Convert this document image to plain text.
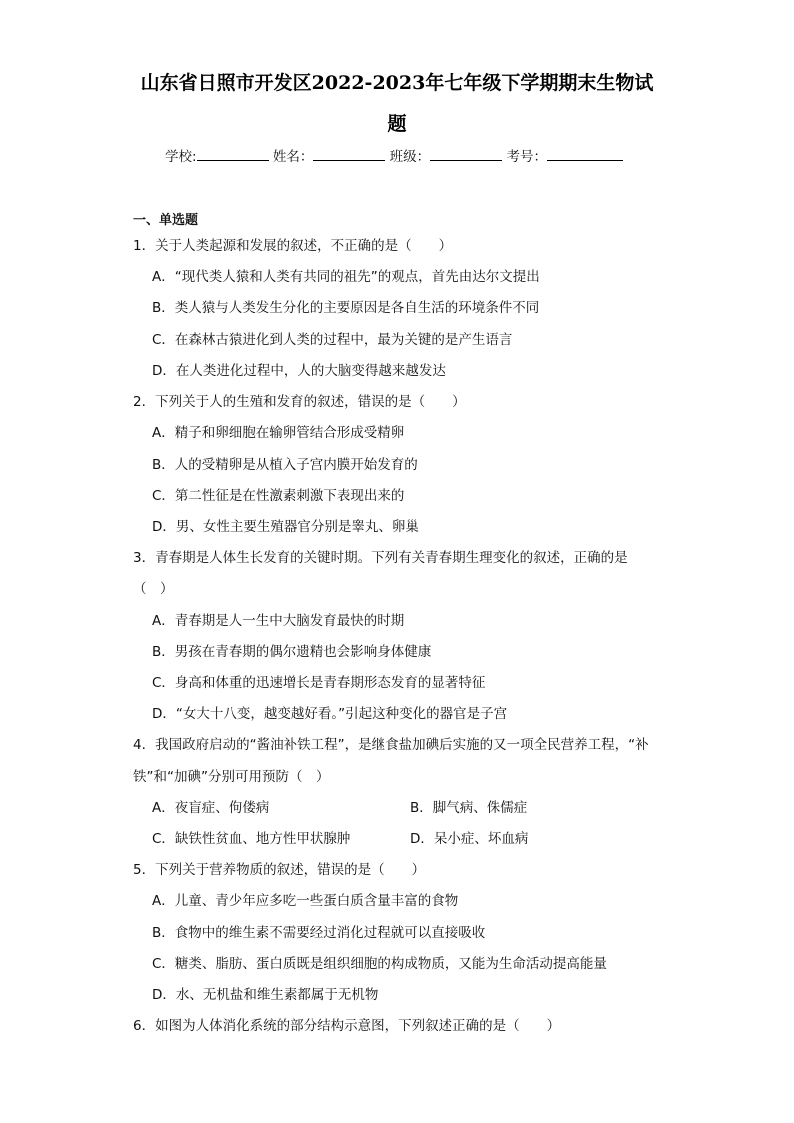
山东省日照市开发区2022-2023年七年级下学期期末生物试
题
学校:	姓名：	班级：	考号：
一、单选题
1．关于人类起源和发展的叙述，不正确的是（　　）
A．“现代类人猿和人类有共同的祖先”的观点，首先由达尔文提出
B．类人猿与人类发生分化的主要原因是各自生活的环境条件不同
C．在森林古猿进化到人类的过程中，最为关键的是产生语言
D．在人类进化过程中，人的大脑变得越来越发达
2．下列关于人的生殖和发育的叙述，错误的是（　　）
A．精子和卵细胞在输卵管结合形成受精卵
B．人的受精卵是从植入子宫内膜开始发育的
C．第二性征是在性激素刺激下表现出来的
D．男、女性主要生殖器官分别是睾丸、卵巢
3．青春期是人体生长发育的关键时期。下列有关青春期生理变化的叙述，正确的是
（　）
A．青春期是人一生中大脑发育最快的时期
B．男孩在青春期的偶尔遗精也会影响身体健康
C．身高和体重的迅速增长是青春期形态发育的显著特征
D．“女大十八变，越变越好看。”引起这种变化的器官是子宫
4．我国政府启动的“酱油补铁工程”，是继食盐加碘后实施的又一项全民营养工程，“补
铁”和“加碘”分别可用预防（　）
A．夜盲症、佝偻病	B．脚气病、侏儒症
C．缺铁性贫血、地方性甲状腺肿	D．呆小症、坏血病
5．下列关于营养物质的叙述，错误的是（　　）
A．儿童、青少年应多吃一些蛋白质含量丰富的食物
B．食物中的维生素不需要经过消化过程就可以直接吸收
C．糖类、脂肪、蛋白质既是组织细胞的构成物质，又能为生命活动提高能量
D．水、无机盐和维生素都属于无机物
6．如图为人体消化系统的部分结构示意图，下列叙述正确的是（　　）
